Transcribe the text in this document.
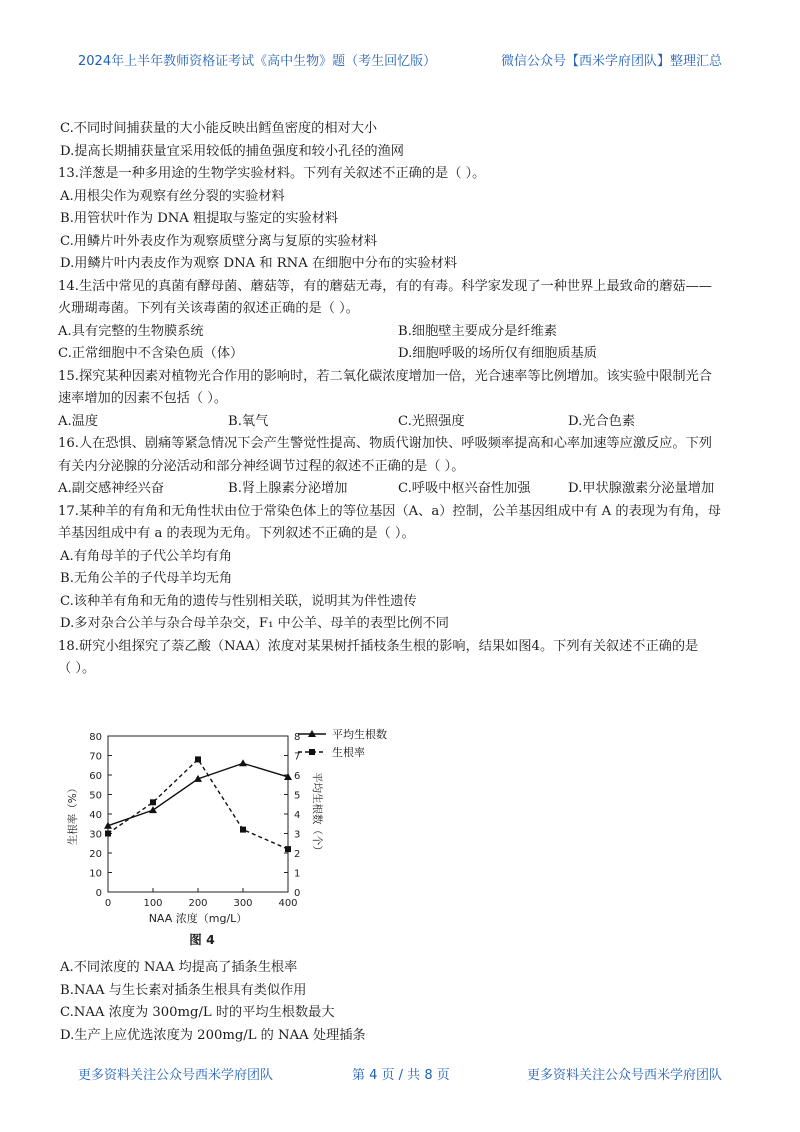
2024年上半年教师资格证考试《高中生物》题（考生回忆版）	微信公众号【西米学府团队】整理汇总
C.不同时间捕获量的大小能反映出鳕鱼密度的相对大小
D.提高长期捕获量宜采用较低的捕鱼强度和较小孔径的渔网
13.洋葱是一种多用途的生物学实验材料。下列有关叙述不正确的是（ ）。
A.用根尖作为观察有丝分裂的实验材料
B.用管状叶作为 DNA 粗提取与鉴定的实验材料
C.用鳞片叶外表皮作为观察质壁分离与复原的实验材料
D.用鳞片叶内表皮作为观察 DNA 和 RNA 在细胞中分布的实验材料
14.生活中常见的真菌有酵母菌、蘑菇等，有的蘑菇无毒，有的有毒。科学家发现了一种世界上最致命的蘑菇——
火珊瑚毒菌。下列有关该毒菌的叙述正确的是（ ）。
A.具有完整的生物膜系统	B.细胞壁主要成分是纤维素
C.正常细胞中不含染色质（体）	D.细胞呼吸的场所仅有细胞质基质
15.探究某种因素对植物光合作用的影响时，若二氧化碳浓度增加一倍，光合速率等比例增加。该实验中限制光合
速率增加的因素不包括（ ）。
A.温度	B.氧气	C.光照强度	D.光合色素
16.人在恐惧、剧痛等紧急情况下会产生警觉性提高、物质代谢加快、呼吸频率提高和心率加速等应激反应。下列
有关内分泌腺的分泌活动和部分神经调节过程的叙述不正确的是（ ）。
A.副交感神经兴奋	B.肾上腺素分泌增加	C.呼吸中枢兴奋性加强	D.甲状腺激素分泌量增加
17.某种羊的有角和无角性状由位于常染色体上的等位基因（A、a）控制，公羊基因组成中有 A 的表现为有角，母
羊基因组成中有 a 的表现为无角。下列叙述不正确的是（ ）。
A.有角母羊的子代公羊均有角
B.无角公羊的子代母羊均无角
C.该种羊有角和无角的遗传与性别相关联，说明其为伴性遗传
D.多对杂合公羊与杂合母羊杂交，F₁ 中公羊、母羊的表型比例不同
18.研究小组探究了萘乙酸（NAA）浓度对某果树扦插枝条生根的影响，结果如图4。下列有关叙述不正确的是
（ ）。
0
10
20
30
40
50
60
70
80
0
1
2
3
4
5
6
7
8
0	100	200	300	400
生根率（%）	平均生根数（个）
NAA 浓度（mg/L）
图 4
平均生根数
生根率
A.不同浓度的 NAA 均提高了插条生根率
B.NAA 与生长素对插条生根具有类似作用
C.NAA 浓度为 300mg/L 时的平均生根数最大
D.生产上应优选浓度为 200mg/L 的 NAA 处理插条
更多资料关注公众号西米学府团队	第 4 页 / 共 8 页	更多资料关注公众号西米学府团队
